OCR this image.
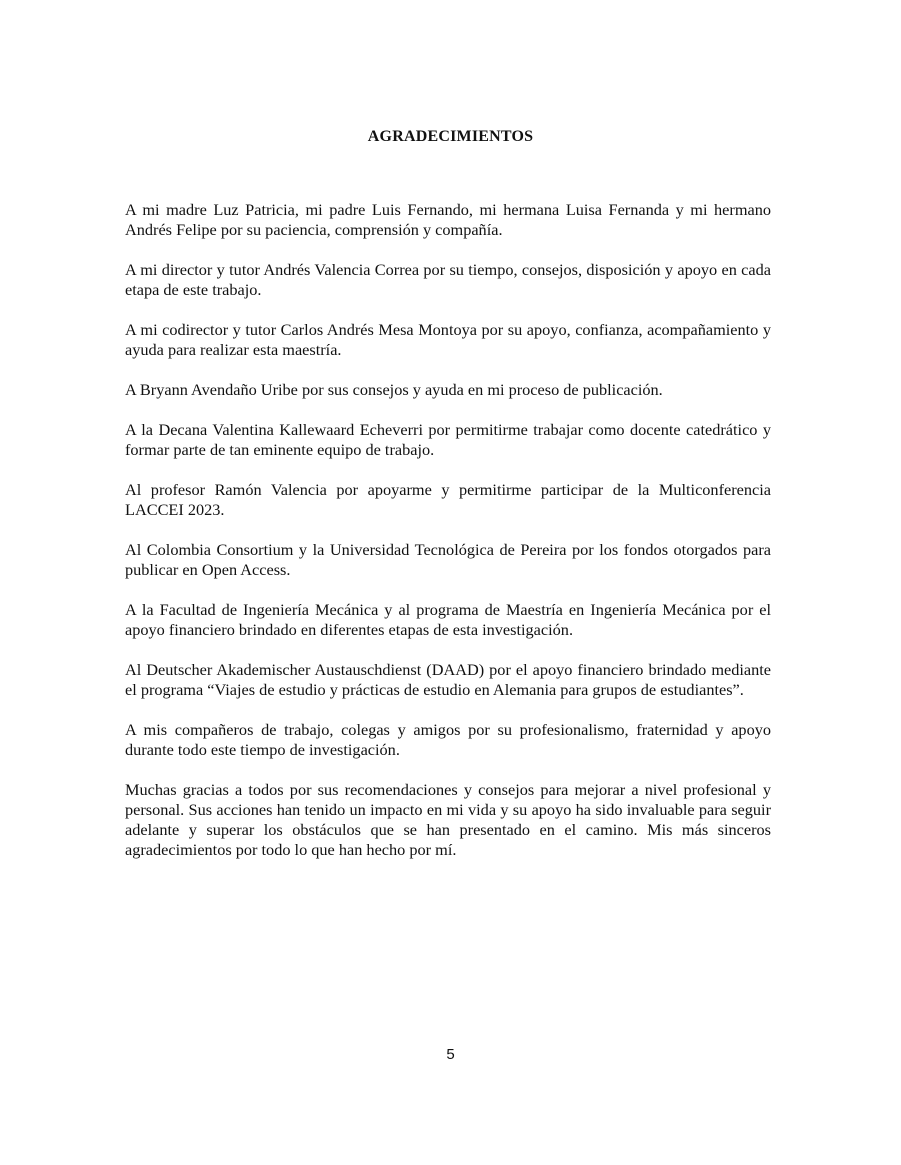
AGRADECIMIENTOS

A mi madre Luz Patricia, mi padre Luis Fernando, mi hermana Luisa Fernanda y mi hermano Andrés Felipe por su paciencia, comprensión y compañía.

A mi director y tutor Andrés Valencia Correa por su tiempo, consejos, disposición y apoyo en cada etapa de este trabajo.

A mi codirector y tutor Carlos Andrés Mesa Montoya por su apoyo, confianza, acompañamiento y ayuda para realizar esta maestría.

A Bryann Avendaño Uribe por sus consejos y ayuda en mi proceso de publicación.

A la Decana Valentina Kallewaard Echeverri por permitirme trabajar como docente catedrático y formar parte de tan eminente equipo de trabajo.

Al profesor Ramón Valencia por apoyarme y permitirme participar de la Multiconferencia LACCEI 2023.

Al Colombia Consortium y la Universidad Tecnológica de Pereira por los fondos otorgados para publicar en Open Access.

A la Facultad de Ingeniería Mecánica y al programa de Maestría en Ingeniería Mecánica por el apoyo financiero brindado en diferentes etapas de esta investigación.

Al Deutscher Akademischer Austauschdienst (DAAD) por el apoyo financiero brindado mediante el programa “Viajes de estudio y prácticas de estudio en Alemania para grupos de estudiantes”.

A mis compañeros de trabajo, colegas y amigos por su profesionalismo, fraternidad y apoyo durante todo este tiempo de investigación.

Muchas gracias a todos por sus recomendaciones y consejos para mejorar a nivel profesional y personal. Sus acciones han tenido un impacto en mi vida y su apoyo ha sido invaluable para seguir adelante y superar los obstáculos que se han presentado en el camino. Mis más sinceros agradecimientos por todo lo que han hecho por mí.

5
